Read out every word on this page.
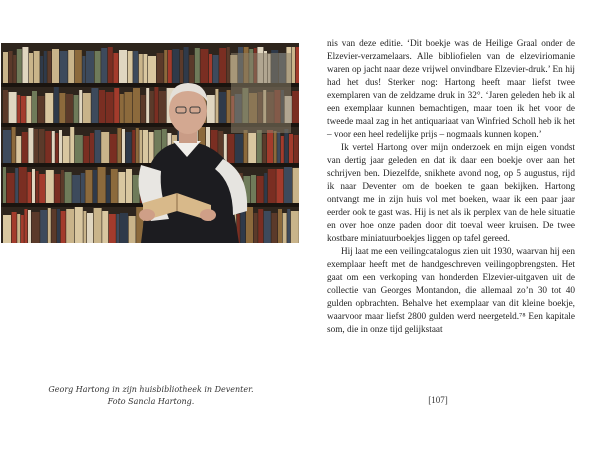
Georg Hartong in zijn huisbibliotheek in Deventer.
Foto Sancla Hartong.

nis van deze editie. ‘Dit boekje was de Heilige Graal onder de Elzevier-verzamelaars. Alle bibliofielen van de elzeviriomanie waren op jacht naar deze vrijwel onvindbare Elzevier-druk.’ En hij had het dus! Sterker nog: Hartong heeft maar liefst twee exemplaren van de zeldzame druk in 32°. ‘Jaren geleden heb ik al een exemplaar kunnen bemachtigen, maar toen ik het voor de tweede maal zag in het antiquariaat van Winfried Scholl heb ik het – voor een heel redelijke prijs – nogmaals kunnen kopen.’

Ik vertel Hartong over mijn onderzoek en mijn eigen vondst van dertig jaar geleden en dat ik daar een boekje over aan het schrijven ben. Diezelfde, snikhete avond nog, op 5 augustus, rijd ik naar Deventer om de boeken te gaan bekijken. Hartong ontvangt me in zijn huis vol met boeken, waar ik een paar jaar eerder ook te gast was. Hij is net als ik perplex van de hele situatie en over hoe onze paden door dit toeval weer kruisen. De twee kostbare miniatuurboekjes liggen op tafel gereed.

Hij laat me een veilingcatalogus zien uit 1930, waarvan hij een exemplaar heeft met de handgeschreven veilingopbrengsten. Het gaat om een verkoping van honderden Elzevier-uitgaven uit de collectie van Georges Montandon, die allemaal zo’n 30 tot 40 gulden opbrachten. Behalve het exemplaar van dit kleine boekje, waarvoor maar liefst 2800 gulden werd neergeteld.⁷⁸ Een kapitale som, die in onze tijd gelijkstaat

[107]
